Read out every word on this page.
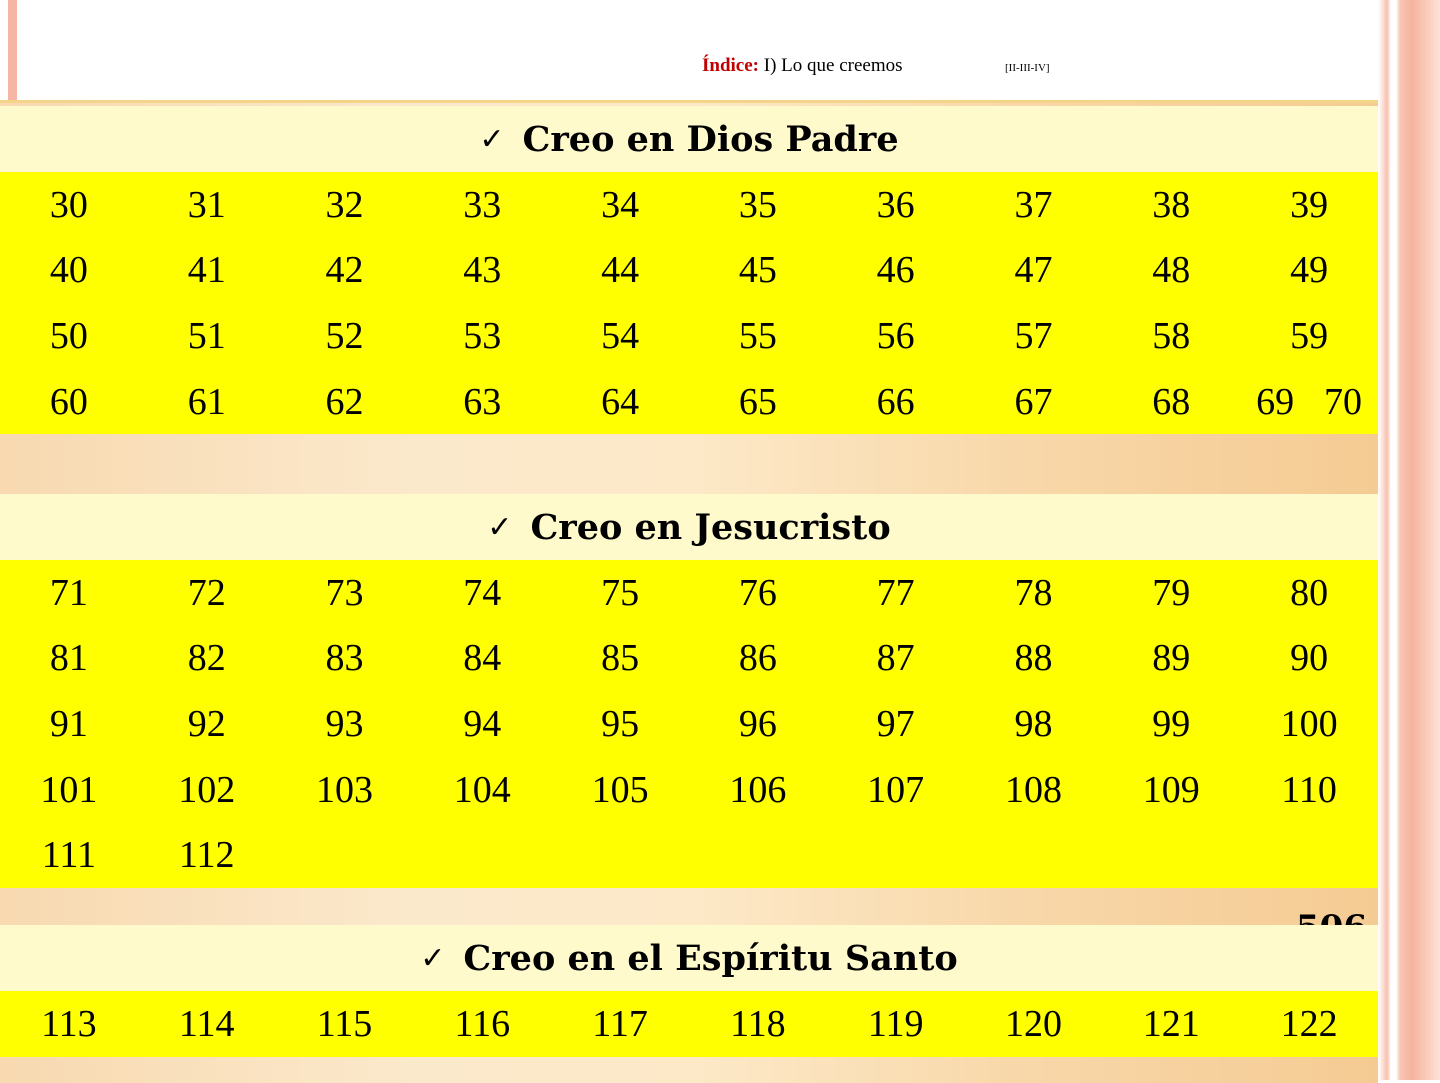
Índice: I) Lo que creemos	[II-III-IV]
✓ Creo en Dios Padre
30	31	32	33	34	35	36	37	38	39
40	41	42	43	44	45	46	47	48	49
50	51	52	53	54	55	56	57	58	59
60	61	62	63	64	65	66	67	68	69 70
✓ Creo en Jesucristo
71	72	73	74	75	76	77	78	79	80
81	82	83	84	85	86	87	88	89	90
91	92	93	94	95	96	97	98	99	100
101	102	103	104	105	106	107	108	109	110
111	112
✓ Creo en el Espíritu Santo
113	114	115	116	117	118	119	120	121	122
